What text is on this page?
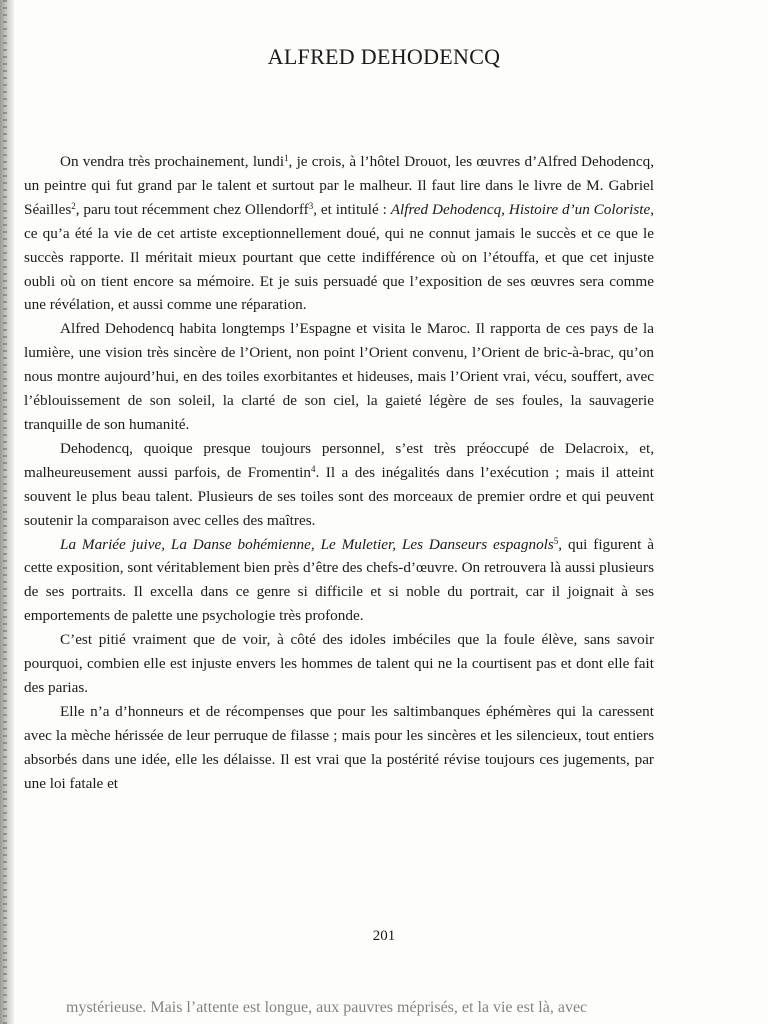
ALFRED DEHODENCQ

On vendra très prochainement, lundi$^1$, je crois, à l’hôtel Drouot, les œuvres d’Alfred Dehodencq, un peintre qui fut grand par le talent et surtout par le malheur. Il faut lire dans le livre de M. Gabriel Séailles$^2$, paru tout récemment chez Ollendorff$^3$, et intitulé : Alfred Dehodencq, Histoire d’un Coloriste, ce qu’a été la vie de cet artiste exceptionnellement doué, qui ne connut jamais le succès et ce que le succès rapporte. Il méritait mieux pourtant que cette indifférence où on l’étouffa, et que cet injuste oubli où on tient encore sa mémoire. Et je suis persuadé que l’exposition de ses œuvres sera comme une révélation, et aussi comme une réparation.

Alfred Dehodencq habita longtemps l’Espagne et visita le Maroc. Il rapporta de ces pays de la lumière, une vision très sincère de l’Orient, non point l’Orient convenu, l’Orient de bric-à-brac, qu’on nous montre aujourd’hui, en des toiles exorbitantes et hideuses, mais l’Orient vrai, vécu, souffert, avec l’éblouissement de son soleil, la clarté de son ciel, la gaieté légère de ses foules, la sauvagerie tranquille de son humanité.

Dehodencq, quoique presque toujours personnel, s’est très préoccupé de Delacroix, et, malheureusement aussi parfois, de Fromentin$^4$. Il a des inégalités dans l’exécution ; mais il atteint souvent le plus beau talent. Plusieurs de ses toiles sont des morceaux de premier ordre et qui peuvent soutenir la comparaison avec celles des maîtres.

La Mariée juive, La Danse bohémienne, Le Muletier, Les Danseurs espagnols$^5$, qui figurent à cette exposition, sont véritablement bien près d’être des chefs-d’œuvre. On retrouvera là aussi plusieurs de ses portraits. Il excella dans ce genre si difficile et si noble du portrait, car il joignait à ses emportements de palette une psychologie très profonde.

C’est pitié vraiment que de voir, à côté des idoles imbéciles que la foule élève, sans savoir pourquoi, combien elle est injuste envers les hommes de talent qui ne la courtisent pas et dont elle fait des parias.

Elle n’a d’honneurs et de récompenses que pour les saltimbanques éphémères qui la caressent avec la mèche hérissée de leur perruque de filasse ; mais pour les sincères et les silencieux, tout entiers absorbés dans une idée, elle les délaisse. Il est vrai que la postérité révise toujours ces jugements, par une loi fatale et

201
mystérieuse. Mais l’attente est longue, aux pauvres méprisés, et la vie est là, avec
